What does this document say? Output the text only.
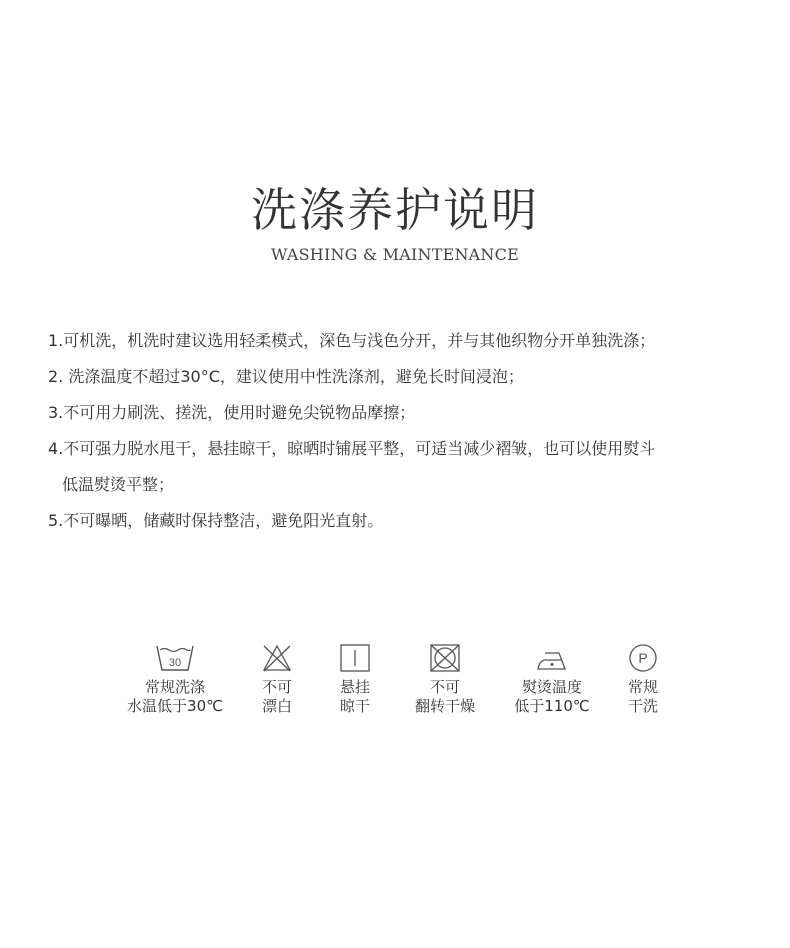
洗涤养护说明
WASHING & MAINTENANCE
1.可机洗，机洗时建议选用轻柔模式，深色与浅色分开，并与其他织物分开单独洗涤；
2. 洗涤温度不超过30°C，建议使用中性洗涤剂，避免长时间浸泡；
3.不可用力刷洗、搓洗，使用时避免尖锐物品摩擦；
4.不可强力脱水甩干，悬挂晾干，晾晒时铺展平整，可适当减少褶皱，也可以使用熨斗
低温熨烫平整；
5.不可曝晒，储藏时保持整洁，避免阳光直射。
30
常规洗涤
水温低于30℃
不可
漂白
悬挂
晾干
不可
翻转干燥
熨烫温度
低于110℃
P
常规
干洗
